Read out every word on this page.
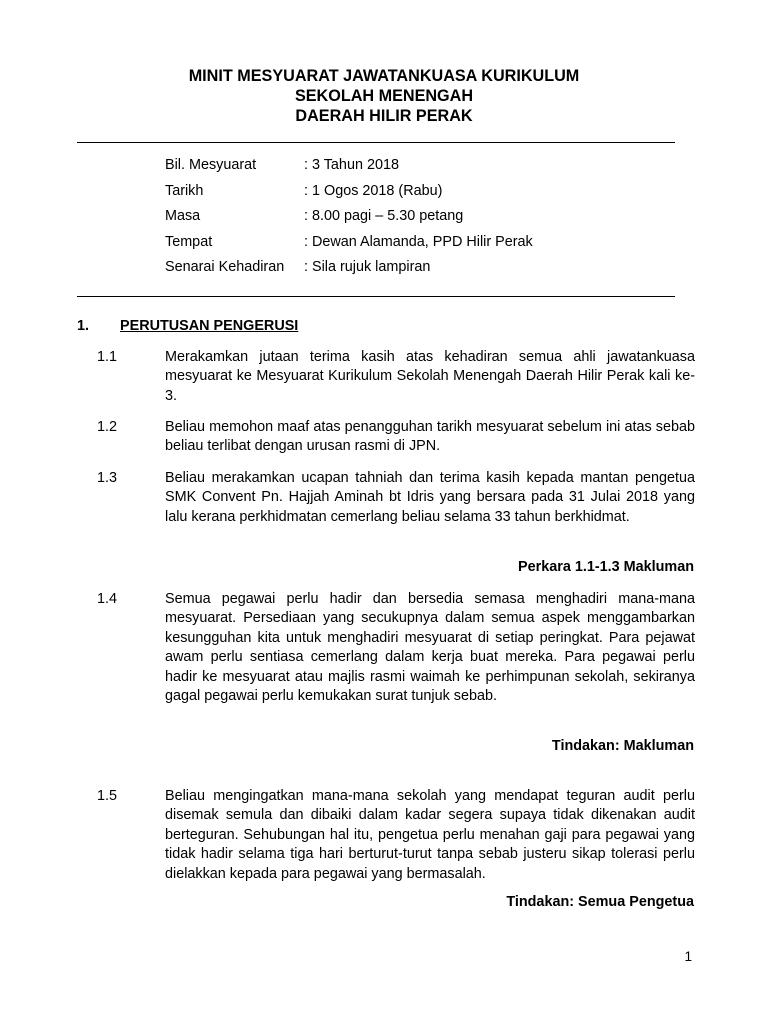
MINIT MESYUARAT JAWATANKUASA KURIKULUM
SEKOLAH MENENGAH
DAERAH HILIR PERAK
Bil. Mesyuarat	: 3 Tahun 2018
Tarikh	: 1 Ogos 2018 (Rabu)
Masa	: 8.00 pagi – 5.30 petang
Tempat	: Dewan Alamanda, PPD Hilir Perak
Senarai Kehadiran	: Sila rujuk lampiran
1. PERUTUSAN PENGERUSI
1.1	Merakamkan jutaan terima kasih atas kehadiran semua ahli jawatankuasa mesyuarat ke Mesyuarat Kurikulum Sekolah Menengah Daerah Hilir Perak kali ke-3.
1.2	Beliau memohon maaf atas penangguhan tarikh mesyuarat sebelum ini atas sebab beliau terlibat dengan urusan rasmi di JPN.
1.3	Beliau merakamkan ucapan tahniah dan terima kasih kepada mantan pengetua SMK Convent Pn. Hajjah Aminah bt Idris yang bersara pada 31 Julai 2018 yang lalu kerana perkhidmatan cemerlang beliau selama 33 tahun berkhidmat.
Perkara 1.1-1.3 Makluman
1.4	Semua pegawai perlu hadir dan bersedia semasa menghadiri mana-mana mesyuarat. Persediaan yang secukupnya dalam semua aspek menggambarkan kesungguhan kita untuk menghadiri mesyuarat di setiap peringkat. Para pejawat awam perlu sentiasa cemerlang dalam kerja buat mereka. Para pegawai perlu hadir ke mesyuarat atau majlis rasmi waimah ke perhimpunan sekolah, sekiranya gagal pegawai perlu kemukakan surat tunjuk sebab.
Tindakan: Makluman
1.5	Beliau mengingatkan mana-mana sekolah yang mendapat teguran audit perlu disemak semula dan dibaiki dalam kadar segera supaya tidak dikenakan audit berteguran. Sehubungan hal itu, pengetua perlu menahan gaji para pegawai yang tidak hadir selama tiga hari berturut-turut tanpa sebab justeru sikap tolerasi perlu dielakkan kepada para pegawai yang bermasalah.
Tindakan: Semua Pengetua
1
